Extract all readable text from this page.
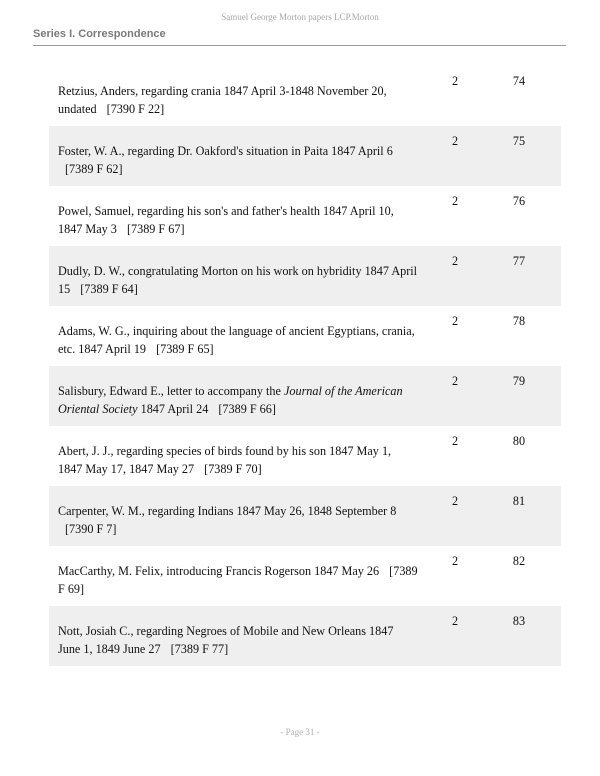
Samuel George Morton papers LCP.Morton
Series I. Correspondence
Retzius, Anders, regarding crania 1847 April 3-1848 November 20, undated [7390 F 22]
2	74
Foster, W. A., regarding Dr. Oakford's situation in Paita 1847 April 6 [7389 F 62]
2	75
Powel, Samuel, regarding his son's and father's health 1847 April 10, 1847 May 3 [7389 F 67]
2	76
Dudly, D. W., congratulating Morton on his work on hybridity 1847 April 15 [7389 F 64]
2	77
Adams, W. G., inquiring about the language of ancient Egyptians, crania, etc. 1847 April 19 [7389 F 65]
2	78
Salisbury, Edward E., letter to accompany the Journal of the American Oriental Society 1847 April 24 [7389 F 66]
2	79
Abert, J. J., regarding species of birds found by his son 1847 May 1, 1847 May 17, 1847 May 27 [7389 F 70]
2	80
Carpenter, W. M., regarding Indians 1847 May 26, 1848 September 8 [7390 F 7]
2	81
MacCarthy, M. Felix, introducing Francis Rogerson 1847 May 26 [7389 F 69]
2	82
Nott, Josiah C., regarding Negroes of Mobile and New Orleans 1847 June 1, 1849 June 27 [7389 F 77]
2	83
- Page 31 -
